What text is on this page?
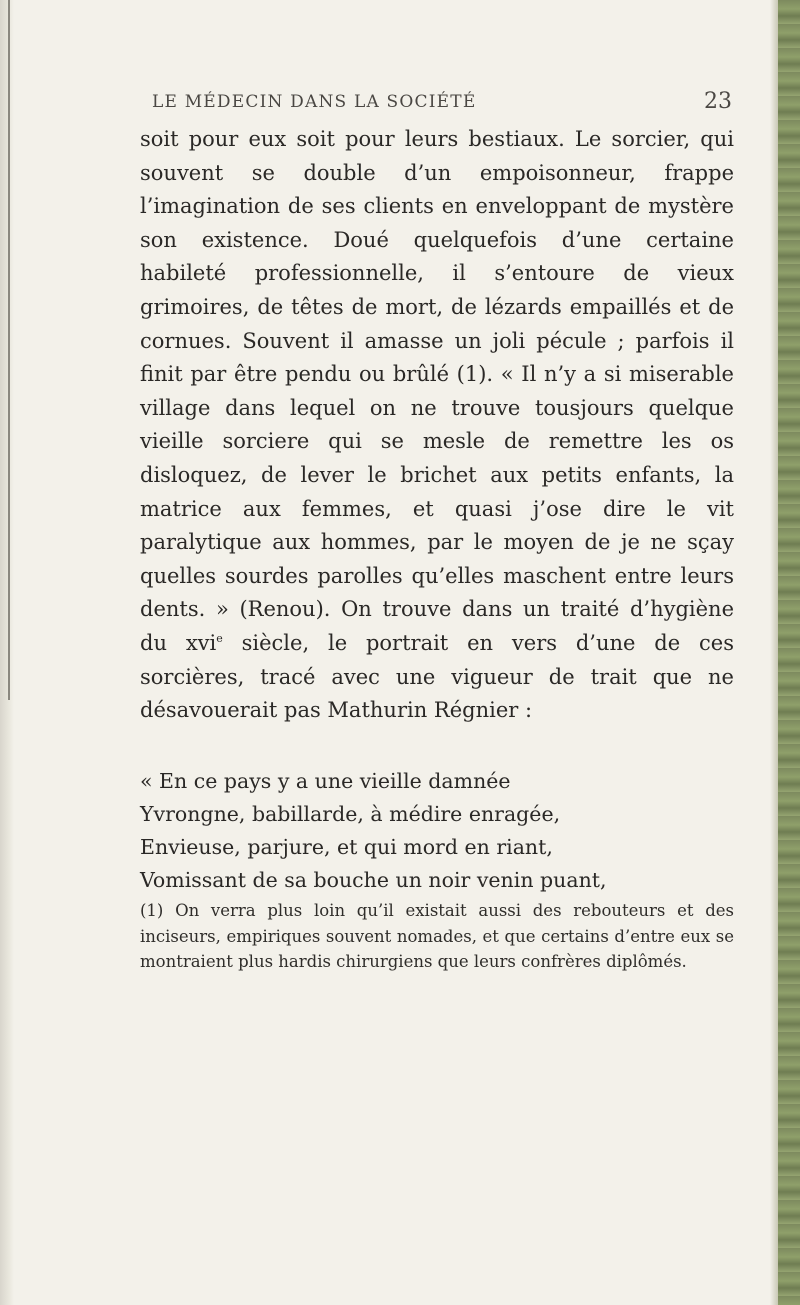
LE MÉDECIN DANS LA SOCIÉTÉ	23

soit pour eux soit pour leurs bestiaux. Le sorcier, qui souvent se double d’un empoisonneur, frappe l’imagination de ses clients en enveloppant de mystère son existence. Doué quelquefois d’une certaine habileté professionnelle, il s’entoure de vieux grimoires, de têtes de mort, de lézards empaillés et de cornues. Souvent il amasse un joli pécule ; parfois il finit par être pendu ou brûlé (1). « Il n’y a si miserable village dans lequel on ne trouve tousjours quelque vieille sorciere qui se mesle de remettre les os disloquez, de lever le brichet aux petits enfants, la matrice aux femmes, et quasi j’ose dire le vit paralytique aux hommes, par le moyen de je ne sçay quelles sourdes parolles qu’elles maschent entre leurs dents. » (Renou). On trouve dans un traité d’hygiène du xvi$^e$ siècle, le portrait en vers d’une de ces sorcières, tracé avec une vigueur de trait que ne désavouerait pas Mathurin Régnier :

« En ce pays y a une vieille damnée
Yvrongne, babillarde, à médire enragée,
Envieuse, parjure, et qui mord en riant,
Vomissant de sa bouche un noir venin puant,

(1) On verra plus loin qu’il existait aussi des rebouteurs et des inciseurs, empiriques souvent nomades, et que certains d’entre eux se montraient plus hardis chirurgiens que leurs confrères diplômés.
